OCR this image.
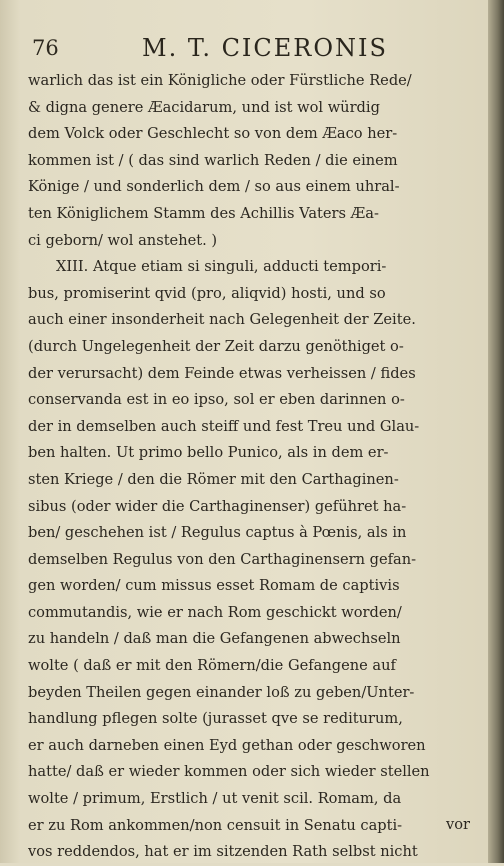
76	M. T. CICERONIS
warlich das ist ein Königliche oder Fürstliche Rede/
& digna genere Æacidarum, und ist wol würdig
dem Volck oder Geschlecht so von dem Æaco her-
kommen ist / ( das sind warlich Reden / die einem
Könige / und sonderlich dem / so aus einem uhral-
ten Königlichem Stamm des Achillis Vaters Æa-
ci geborn/ wol anstehet. )
XIII. Atque etiam si singuli, adducti tempori-
bus, promiserint qvid (pro, aliqvid) hosti, und so
auch einer insonderheit nach Gelegenheit der Zeite.
(durch Ungelegenheit der Zeit darzu genöthiget o-
der verursacht) dem Feinde etwas verheissen / fides
conservanda est in eo ipso, sol er eben darinnen o-
der in demselben auch steiff und fest Treu und Glau-
ben halten. Ut primo bello Punico, als in dem er-
sten Kriege / den die Römer mit den Carthaginen-
sibus (oder wider die Carthaginenser) geführet ha-
ben/ geschehen ist / Regulus captus à Pœnis, als in
demselben Regulus von den Carthaginensern gefan-
gen worden/ cum missus esset Romam de captivis
commutandis, wie er nach Rom geschickt worden/
zu handeln / daß man die Gefangenen abwechseln
wolte ( daß er mit den Römern/die Gefangene auf
beyden Theilen gegen einander loß zu geben/Unter-
handlung pflegen solte (jurasset qve se rediturum,
er auch darneben einen Eyd gethan oder geschworen
hatte/ daß er wieder kommen oder sich wieder stellen
wolte / primum, Erstlich / ut venit scil. Romam, da
er zu Rom ankommen/non censuit in Senatu capti-
vos reddendos, hat er im sitzenden Rath selbst nicht
vor
